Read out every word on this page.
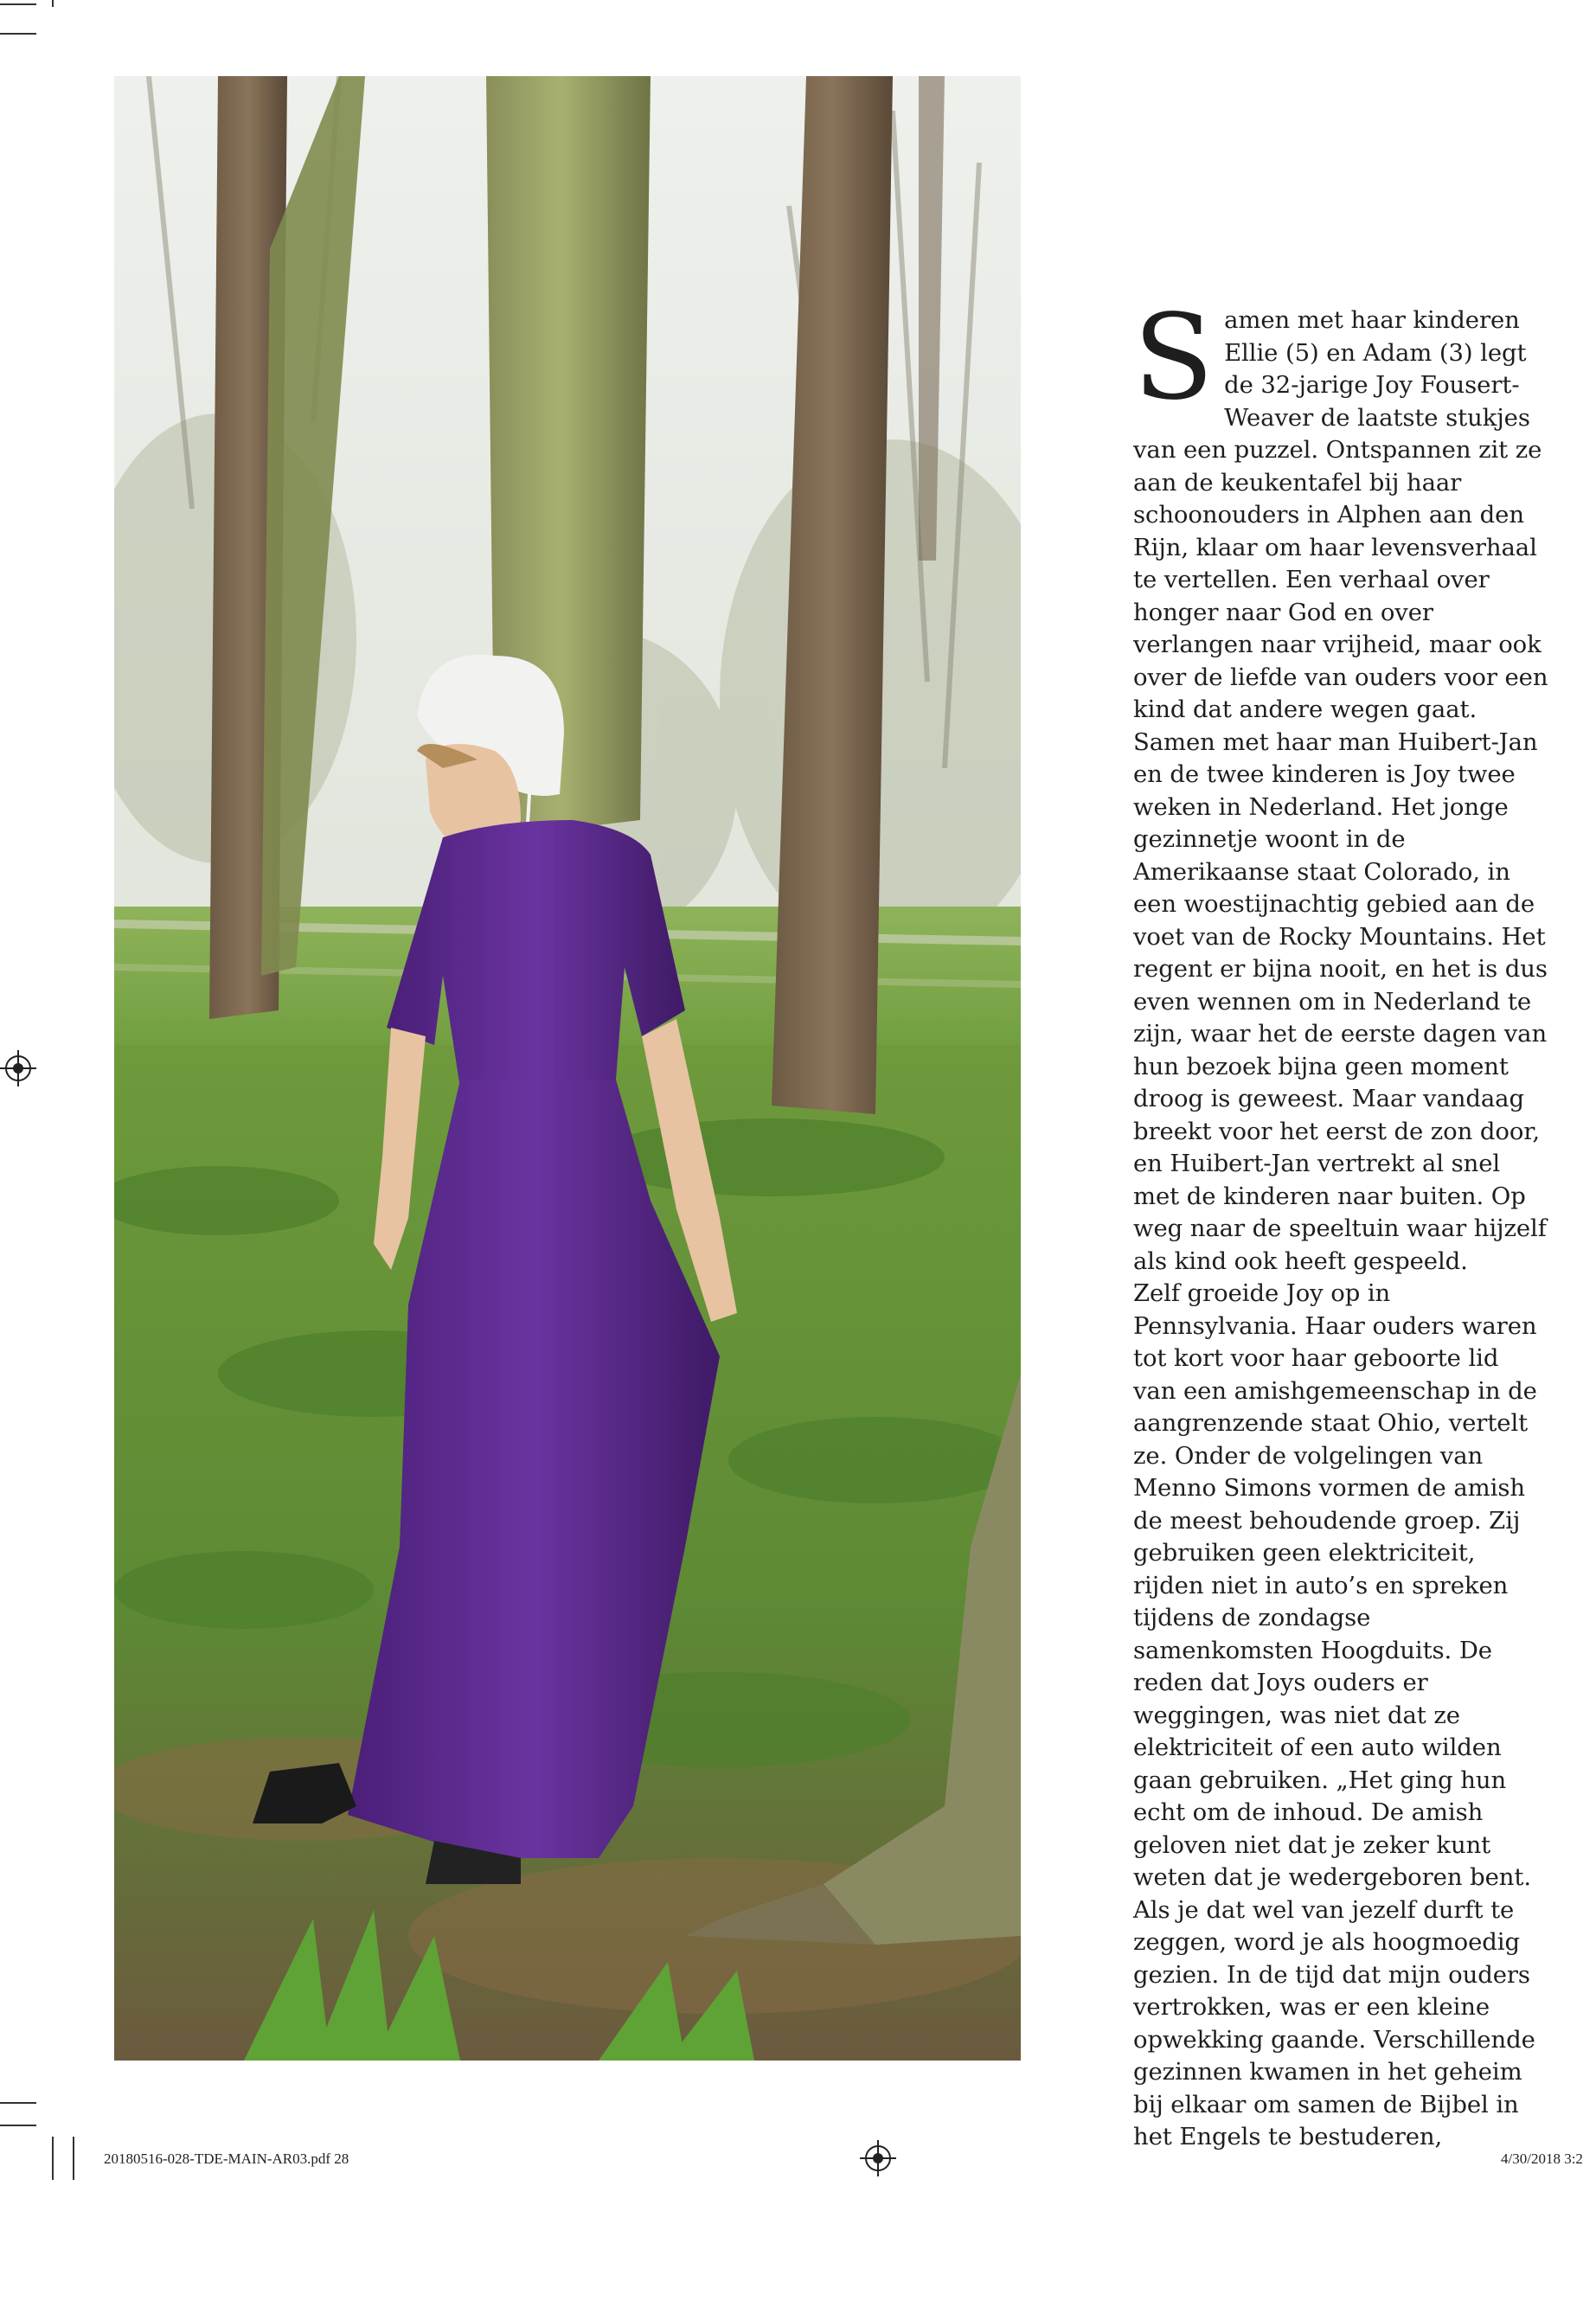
S amen met haar kinderen Ellie (5) en Adam (3) legt de 32-jarige Joy Fousert-Weaver de laatste stukjes van een puzzel. Ontspannen zit ze aan de keukentafel bij haar schoonouders in Alphen aan den Rijn, klaar om haar levensverhaal te vertellen. Een verhaal over honger naar God en over verlangen naar vrijheid, maar ook over de liefde van ouders voor een kind dat andere wegen gaat.

Samen met haar man Huibert-Jan en de twee kinderen is Joy twee weken in Nederland. Het jonge gezinnetje woont in de Amerikaanse staat Colorado, in een woestijnachtig gebied aan de voet van de Rocky Mountains. Het regent er bijna nooit, en het is dus even wennen om in Nederland te zijn, waar het de eerste dagen van hun bezoek bijna geen moment droog is geweest. Maar vandaag breekt voor het eerst de zon door, en Huibert-Jan vertrekt al snel met de kinderen naar buiten. Op weg naar de speeltuin waar hijzelf als kind ook heeft gespeeld.

Zelf groeide Joy op in Pennsylvania. Haar ouders waren tot kort voor haar geboorte lid van een amishgemeenschap in de aangrenzende staat Ohio, vertelt ze. Onder de volgelingen van Menno Simons vormen de amish de meest behoudende groep. Zij gebruiken geen elektriciteit, rijden niet in auto’s en spreken tijdens de zondagse samenkomsten Hoogduits. De reden dat Joys ouders er weggingen, was niet dat ze elektriciteit of een auto wilden gaan gebruiken. „Het ging hun echt om de inhoud. De amish geloven niet dat je zeker kunt weten dat je wedergeboren bent. Als je dat wel van jezelf durft te zeggen, word je als hoogmoedig gezien. In de tijd dat mijn ouders vertrokken, was er een kleine opwekking gaande. Verschillende gezinnen kwamen in het geheim bij elkaar om samen de Bijbel in het Engels te bestuderen,

20180516-028-TDE-MAIN-AR03.pdf 28	4/30/2018 3:2
